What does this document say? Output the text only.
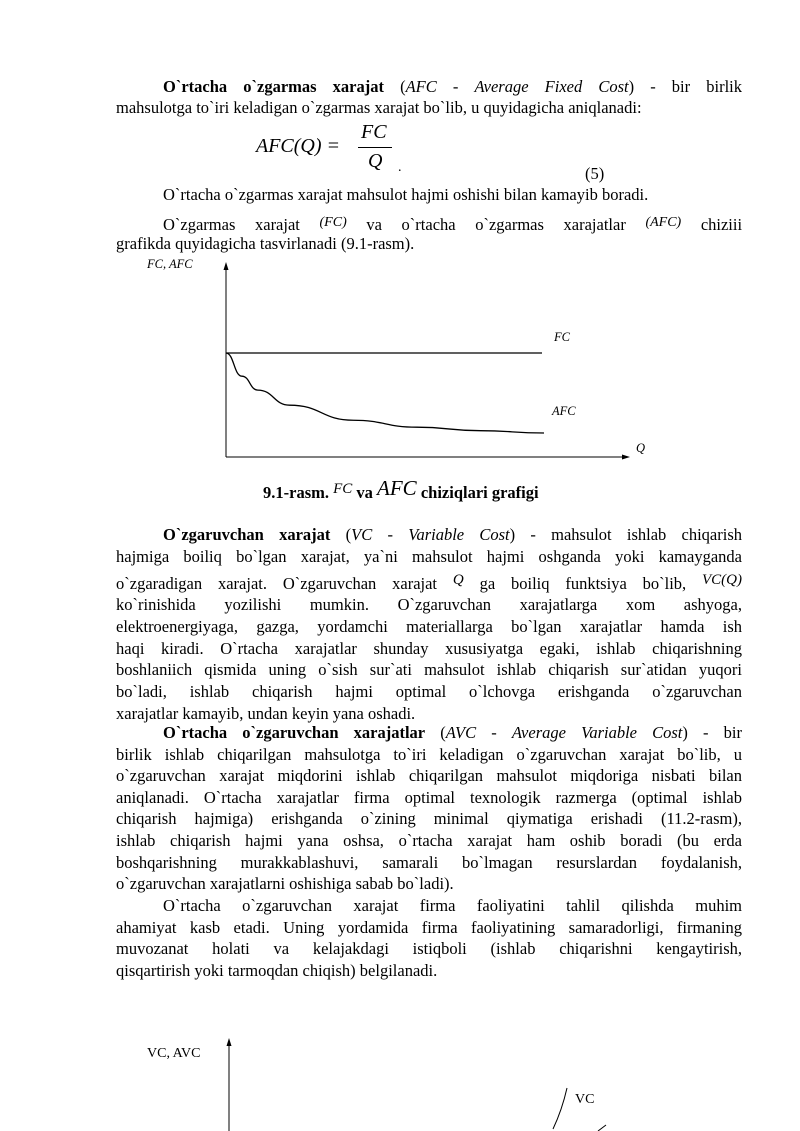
O`rtacha o`zgarmas xarajat (AFC - Average Fixed Cost) - bir birlik
mahsulotga to`iri keladigan o`zgarmas xarajat bo`lib, u quyidagicha aniqlanadi:
AFC(Q) =
FC
Q .	(5)
O`rtacha o`zgarmas xarajat mahsulot hajmi oshishi bilan kamayib boradi.
O`zgarmas xarajat $^{(FC)}$ va o`rtacha o`zgarmas xarajatlar $^{(AFC)}$ chiziii
grafikda quyidagicha tasvirlanadi (9.1-rasm).
FC, AFC
Q
FC
AFC
9.1-rasm. FC va AFC chiziqlari grafigi
O`zgaruvchan xarajat (VC - Variable Cost) - mahsulot ishlab chiqarish
hajmiga boiliq bo`lgan xarajat, ya`ni mahsulot hajmi oshganda yoki kamayganda
o`zgaradigan xarajat. O`zgaruvchan xarajat Q ga boiliq funktsiya bo`lib, VC(Q)
ko`rinishida yozilishi mumkin. O`zgaruvchan xarajatlarga xom ashyoga,
elektroenergiyaga, gazga, yordamchi materiallarga bo`lgan xarajatlar hamda ish
haqi kiradi. O`rtacha xarajatlar shunday xususiyatga egaki, ishlab chiqarishning
boshlaniich qismida uning o`sish sur`ati mahsulot ishlab chiqarish sur`atidan yuqori
bo`ladi, ishlab chiqarish hajmi optimal o`lchovga erishganda o`zgaruvchan
xarajatlar kamayib, undan keyin yana oshadi.
O`rtacha o`zgaruvchan xarajatlar (AVC - Average Variable Cost) - bir
birlik ishlab chiqarilgan mahsulotga to`iri keladigan o`zgaruvchan xarajat bo`lib, u
o`zgaruvchan xarajat miqdorini ishlab chiqarilgan mahsulot miqdoriga nisbati bilan
aniqlanadi. O`rtacha xarajatlar firma optimal texnologik razmerga (optimal ishlab
chiqarish hajmiga) erishganda o`zining minimal qiymatiga erishadi (11.2-rasm),
ishlab chiqarish hajmi yana oshsa, o`rtacha xarajat ham oshib boradi (bu erda
boshqarishning murakkablashuvi, samarali bo`lmagan resurslardan foydalanish,
o`zgaruvchan xarajatlarni oshishiga sabab bo`ladi).
O`rtacha o`zgaruvchan xarajat firma faoliyatini tahlil qilishda muhim
ahamiyat kasb etadi. Uning yordamida firma faoliyatining samaradorligi, firmaning
muvozanat holati va kelajakdagi istiqboli (ishlab chiqarishni kengaytirish,
qisqartirish yoki tarmoqdan chiqish) belgilanadi.
VC, AVC
VC
